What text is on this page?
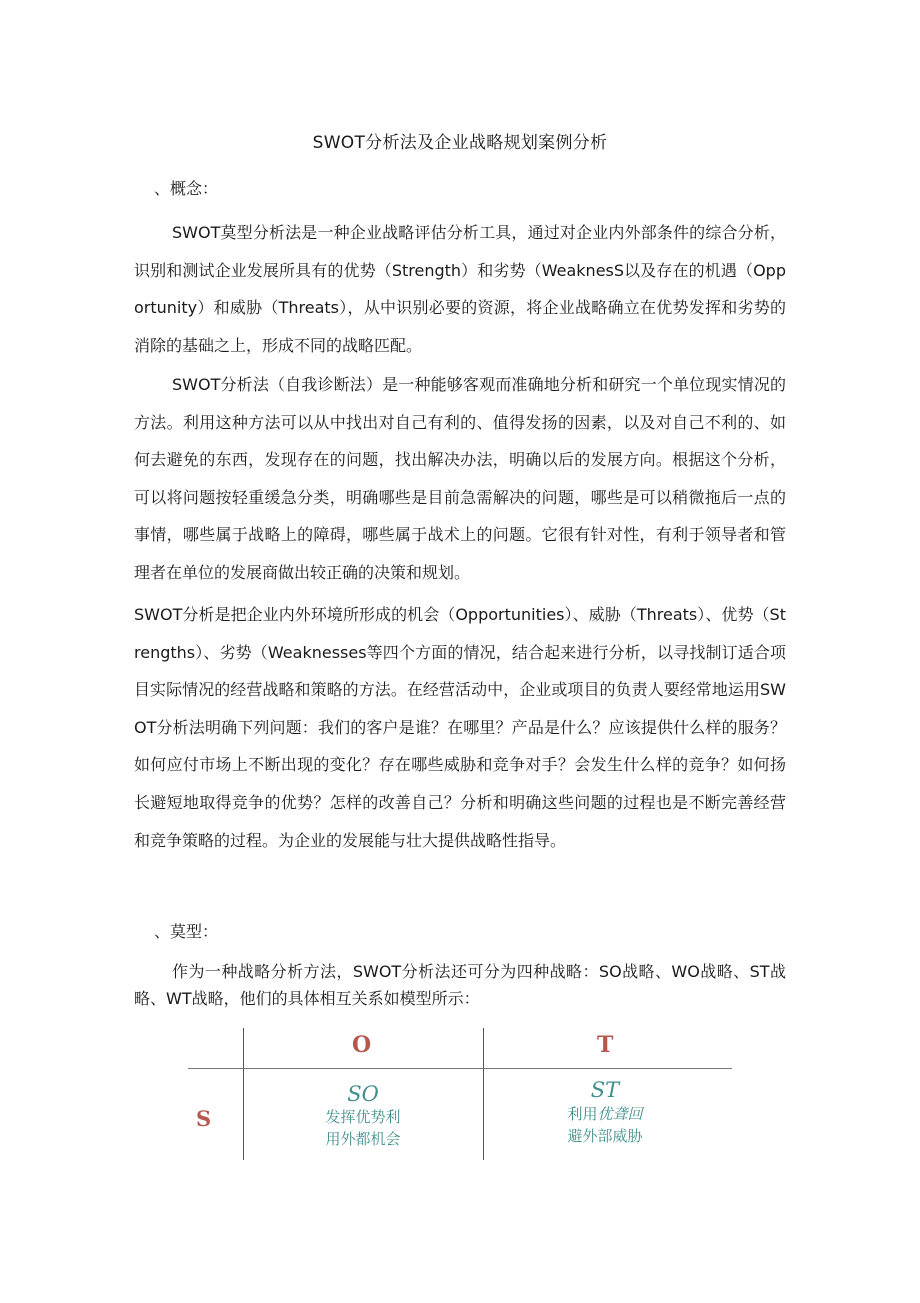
SWOT分析法及企业战略规划案例分析
、概念：

SWOT莫型分析法是一种企业战略评估分析工具，通过对企业内外部条件的综合分析，识别和测试企业发展所具有的优势（Strength）和劣势（WeaknesS以及存在的机遇（Opportunity）和威胁（Threats），从中识别必要的资源，将企业战略确立在优势发挥和劣势的消除的基础之上，形成不同的战略匹配。

SWOT分析法（自我诊断法）是一种能够客观而准确地分析和研究一个单位现实情况的方法。利用这种方法可以从中找出对自己有利的、值得发扬的因素，以及对自己不利的、如何去避免的东西，发现存在的问题，找出解决办法，明确以后的发展方向。根据这个分析，可以将问题按轻重缓急分类，明确哪些是目前急需解决的问题，哪些是可以稍微拖后一点的事情，哪些属于战略上的障碍，哪些属于战术上的问题。它很有针对性，有利于领导者和管理者在单位的发展商做出较正确的决策和规划。

SWOT分析是把企业内外环境所形成的机会（Opportunities）、威胁（Threats）、优势（Strengths）、劣势（Weaknesses等四个方面的情况，结合起来进行分析，以寻找制订适合项目实际情况的经营战略和策略的方法。在经营活动中，企业或项目的负责人要经常地运用SWOT分析法明确下列问题：我们的客户是谁？在哪里？产品是什么？应该提供什么样的服务？如何应付市场上不断出现的变化？存在哪些威胁和竞争对手？会发生什么样的竞争？如何扬长避短地取得竞争的优势？怎样的改善自己？分析和明确这些问题的过程也是不断完善经营和竞争策略的过程。为企业的发展能与壮大提供战略性指导。

、莫型：

作为一种战略分析方法，SWOT分析法还可分为四种战略：SO战略、WO战略、ST战略、WT战略，他们的具体相互关系如模型所示：

O	T
S
SO
发挥优势利
用外都机会
ST
利用优聋回
避外部威胁
